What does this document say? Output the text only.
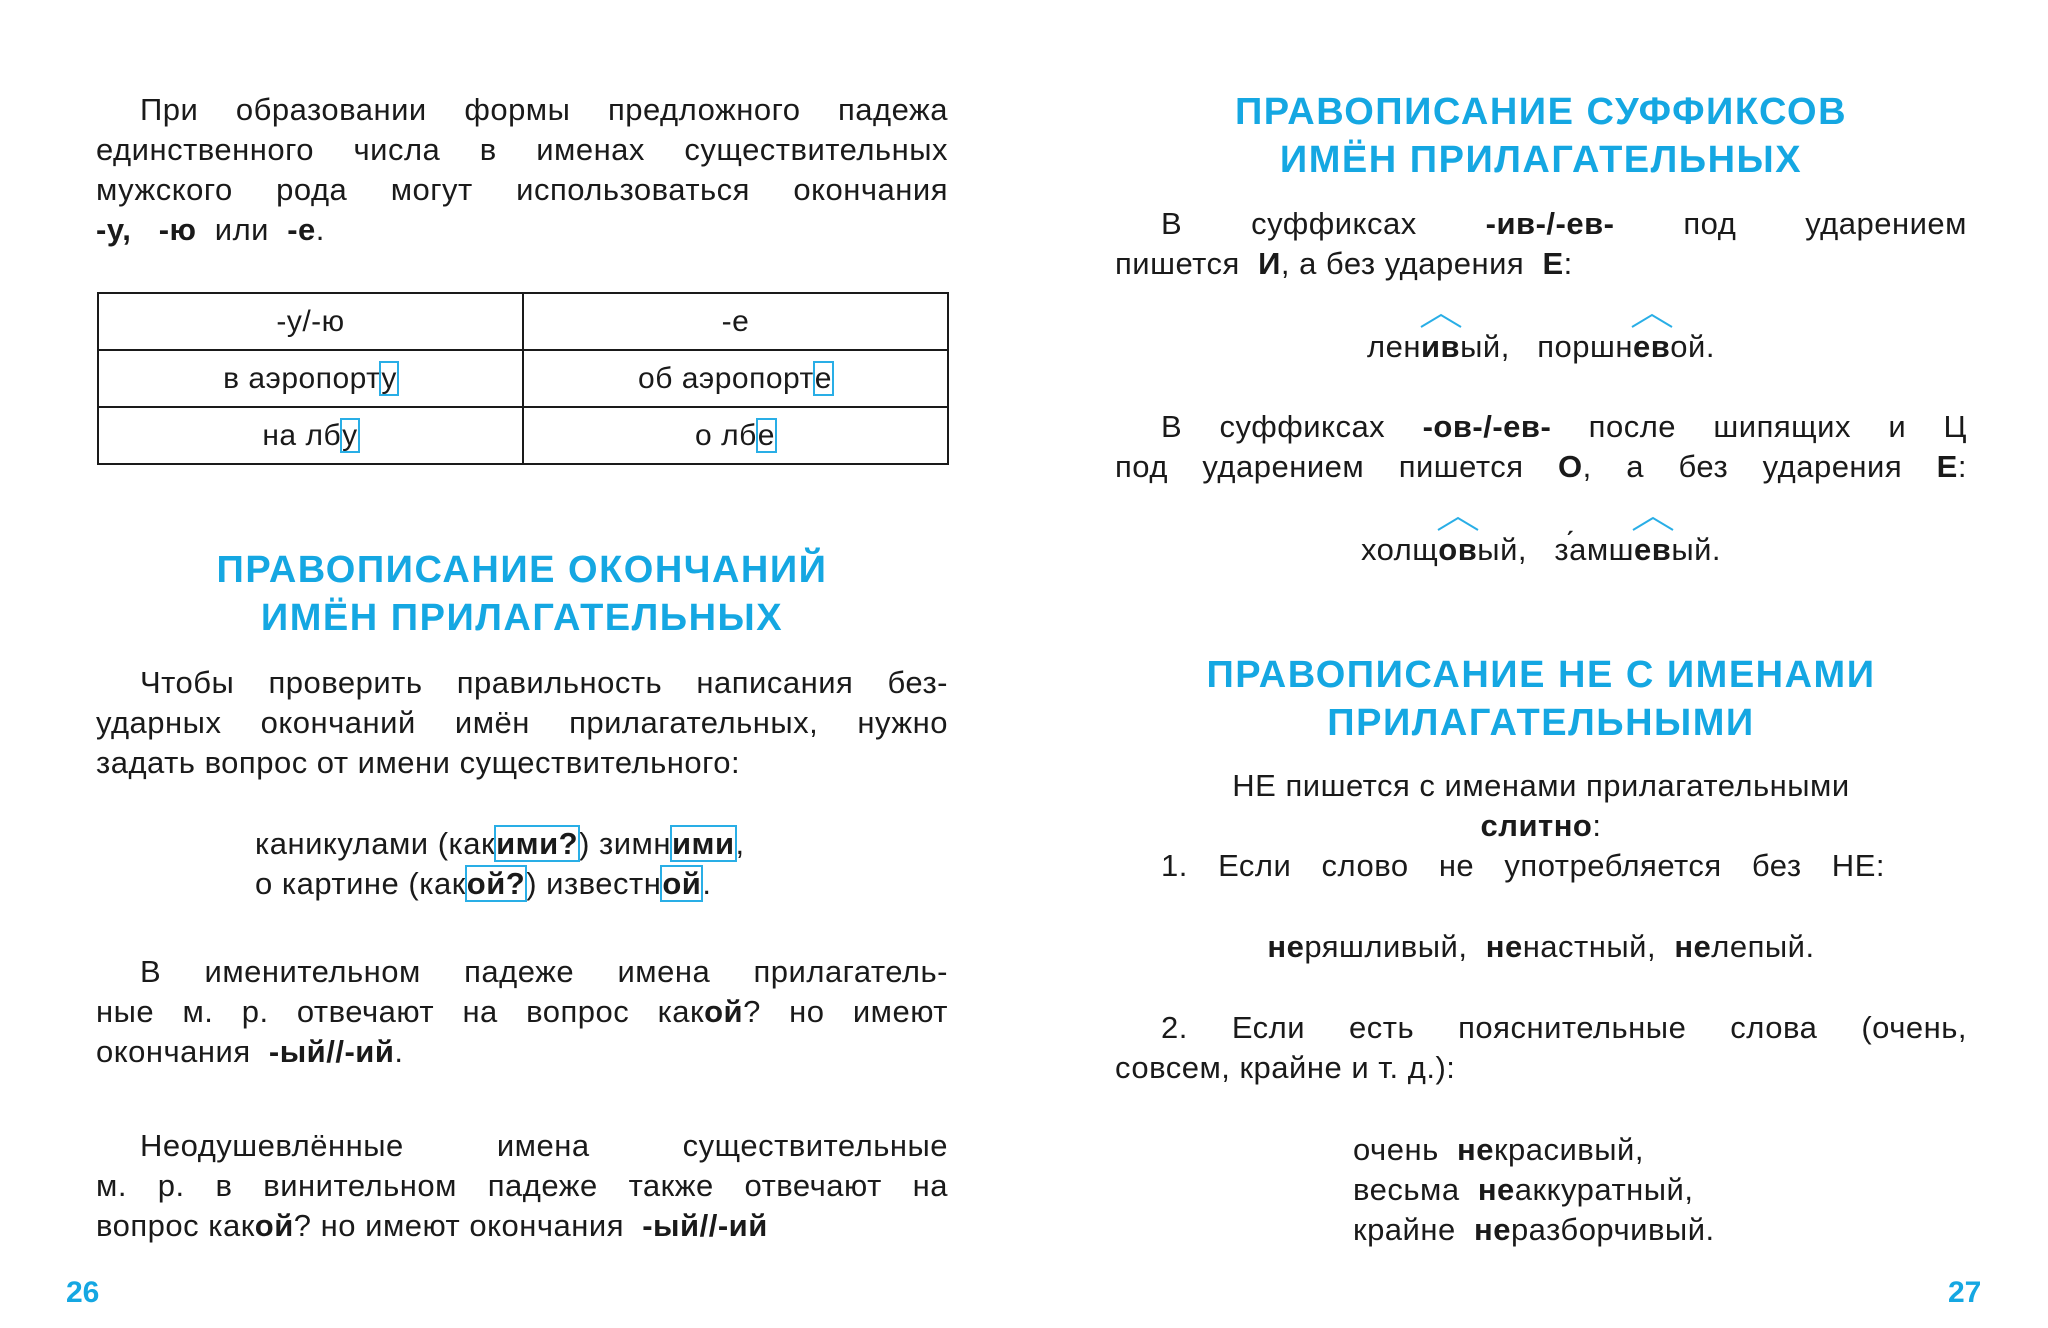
При образовании формы предложного падежа
единственного числа в именах существительных
мужского рода могут использоваться окончания
-у, -ю или -е.
-у/-ю	-е
в аэропорту	об аэропорте
на лбу	о лбе
ПРАВОПИСАНИЕ ОКОНЧАНИЙ
ИМЁН ПРИЛАГАТЕЛЬНЫХ
Чтобы проверить правильность написания без-
ударных окончаний имён прилагательных, нужно
задать вопрос от имени существительного:
каникулами (какими?) зимними,
о картине (какой?) известной.
В именительном падеже имена прилагатель-
ные м. р. отвечают на вопрос какой? но имеют
окончания -ый//-ий.
Неодушевлённые имена существительные
м. р. в винительном падеже также отвечают на
вопрос какой? но имеют окончания -ый//-ий
26
ПРАВОПИСАНИЕ СУФФИКСОВ
ИМЁН ПРИЛАГАТЕЛЬНЫХ
В суффиксах -ив-/-ев- под ударением
пишется И, а без ударения Е:
лен
ивый, поршн
евой.
В суффиксах -ов-/-ев- после шипящих и Ц
под ударением пишется О, а без ударения Е:
холщ
овый, за ́мш
евый.
ПРАВОПИСАНИЕ НЕ С ИМЕНАМИ
ПРИЛАГАТЕЛЬНЫМИ
НЕ пишется с именами прилагательными
слитно:
1. Если слово не употребляется без НЕ:
неряшливый, ненастный, нелепый.
2. Если есть пояснительные слова (очень,
совсем, крайне и т. д.):
очень некрасивый,
весьма неаккуратный,
крайне неразборчивый.
27
